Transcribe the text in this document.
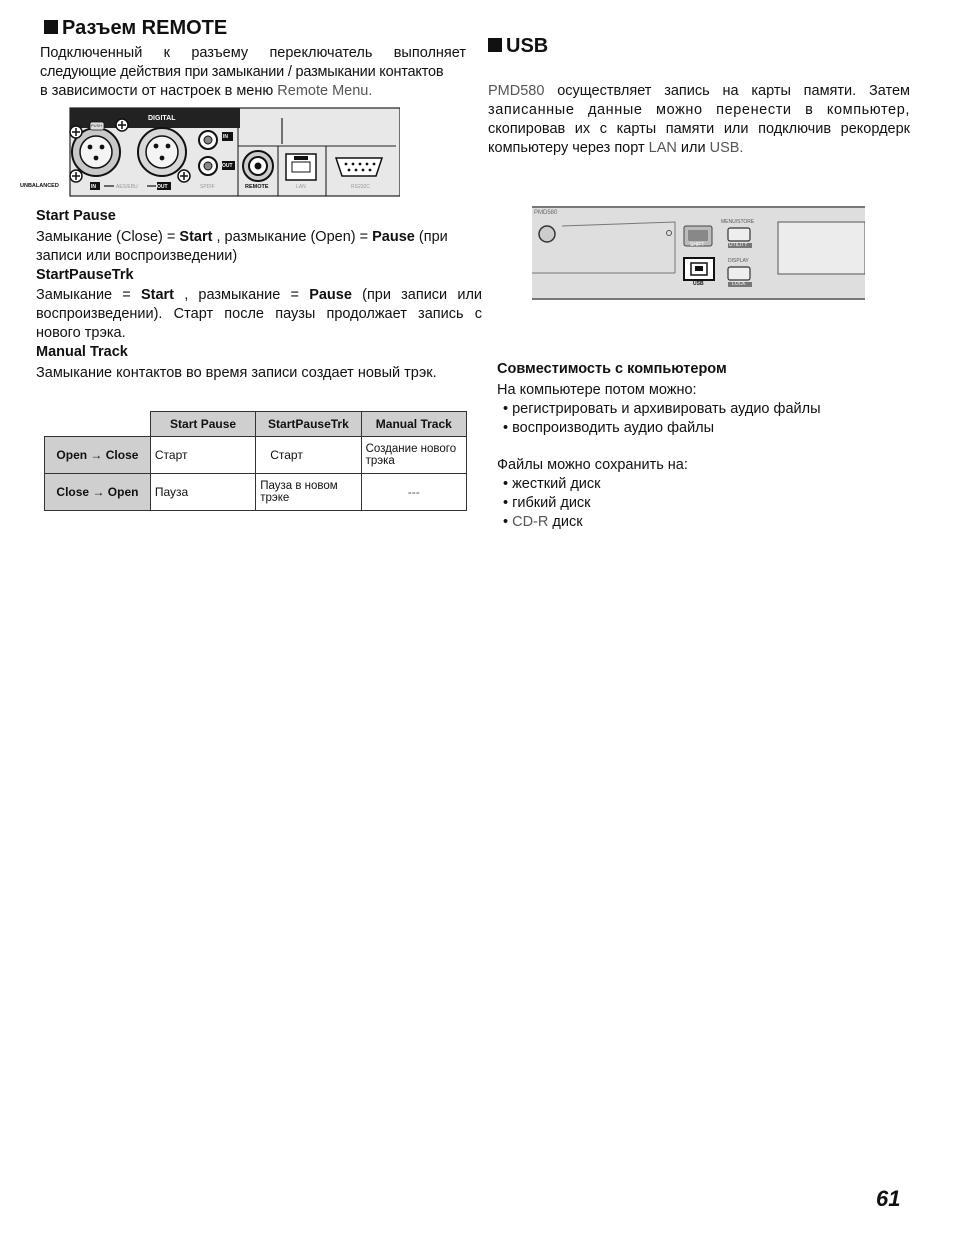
Разъем REMOTE
Подключенный к разъему переключатель выполняет
следующие действия при замыкании / размыкании контактов
в зависимости от настроек в меню Remote Menu.
DIGITAL
PUSH
IN
OUT
UNBALANCED	IN	AES/EBU	OUT	SPDIF	REMOTE	LAN	RS232C
Start Pause
Замыкание (Close) = Start , размыкание (Open) = Pause (при
записи или воспроизведении)
StartPauseTrk
Замыкание = Start , размыкание = Pause (при записи или
воспроизведении). Старт после паузы продолжает запись с
нового трэка.
Manual Track
Замыкание контактов во время записи создает новый трэк.
	Start Pause	StartPauseTrk	Manual Track
Open → Close	Старт	Старт	Создание нового трэка
Close → Open	Пауза	Пауза в новом трэке	---
USB
PMD580 осуществляет запись на карты памяти. Затем
записанные данные можно перенести в компьютер,
скопировав их с карты памяти или подключив рекордерк
компьютеру через порт LAN или USB.
PMD580
SHIFT
MENU/STORE
UTILITY
DISPLAY
LOCK
USB
Совместимость с компьютером
На компьютере потом можно:
• регистрировать и архивировать аудио файлы
• воспроизводить аудио файлы
Файлы можно сохранить на:
• жесткий диск
• гибкий диск
• CD-R диск
61
